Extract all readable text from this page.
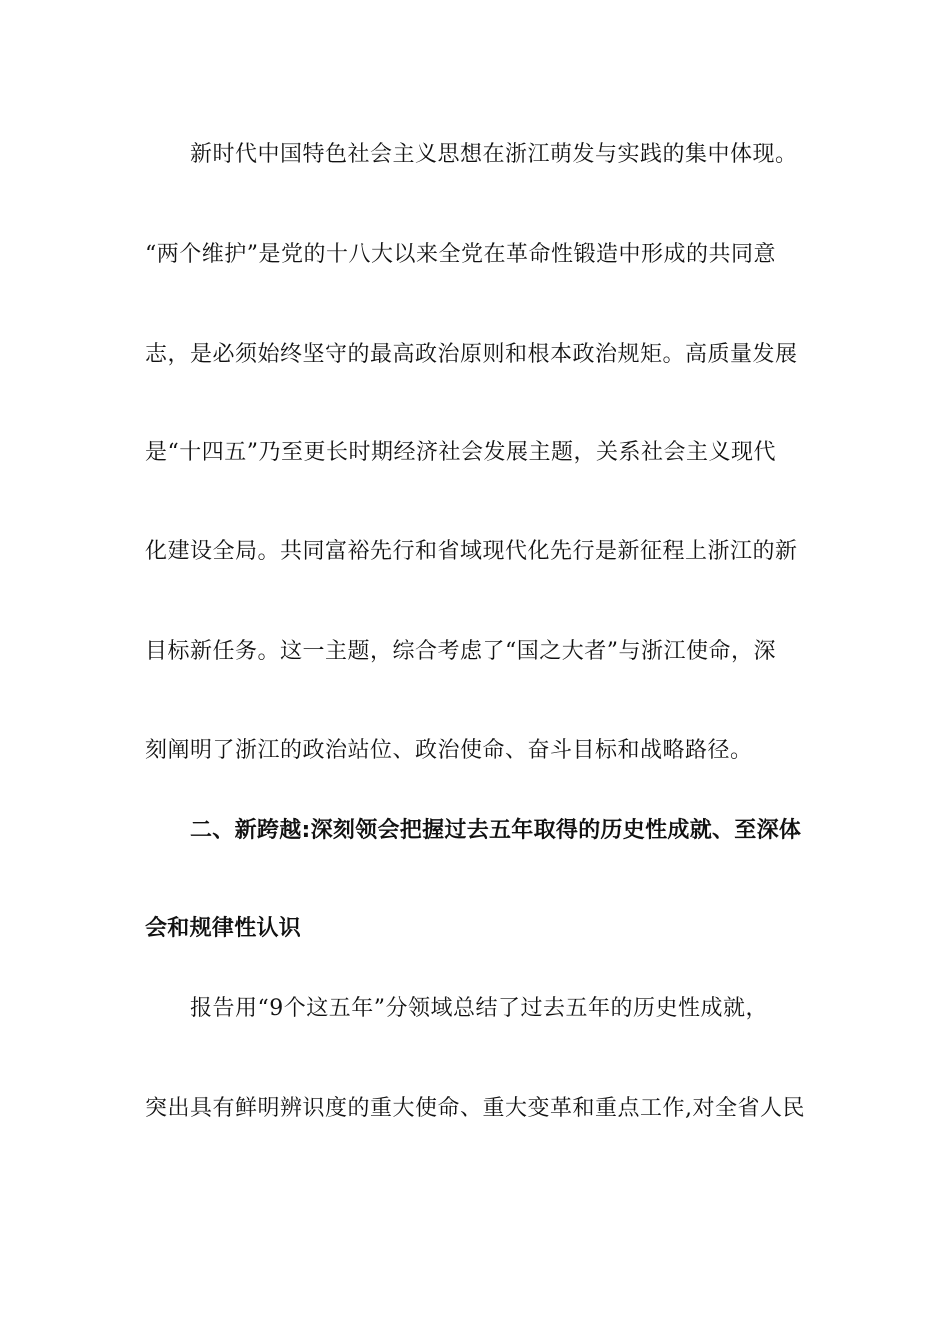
新时代中国特色社会主义思想在浙江萌发与实践的集中体现。
“两个维护”是党的十八大以来全党在革命性锻造中形成的共同意
志，是必须始终坚守的最高政治原则和根本政治规矩。高质量发展
是“十四五”乃至更长时期经济社会发展主题，关系社会主义现代
化建设全局。共同富裕先行和省域现代化先行是新征程上浙江的新
目标新任务。这一主题，综合考虑了“国之大者”与浙江使命，深
刻阐明了浙江的政治站位、政治使命、奋斗目标和战略路径。
二、新跨越:深刻领会把握过去五年取得的历史性成就、至深体
会和规律性认识
报告用“9个这五年”分领域总结了过去五年的历史性成就，
突出具有鲜明辨识度的重大使命、重大变革和重点工作,对全省人民
